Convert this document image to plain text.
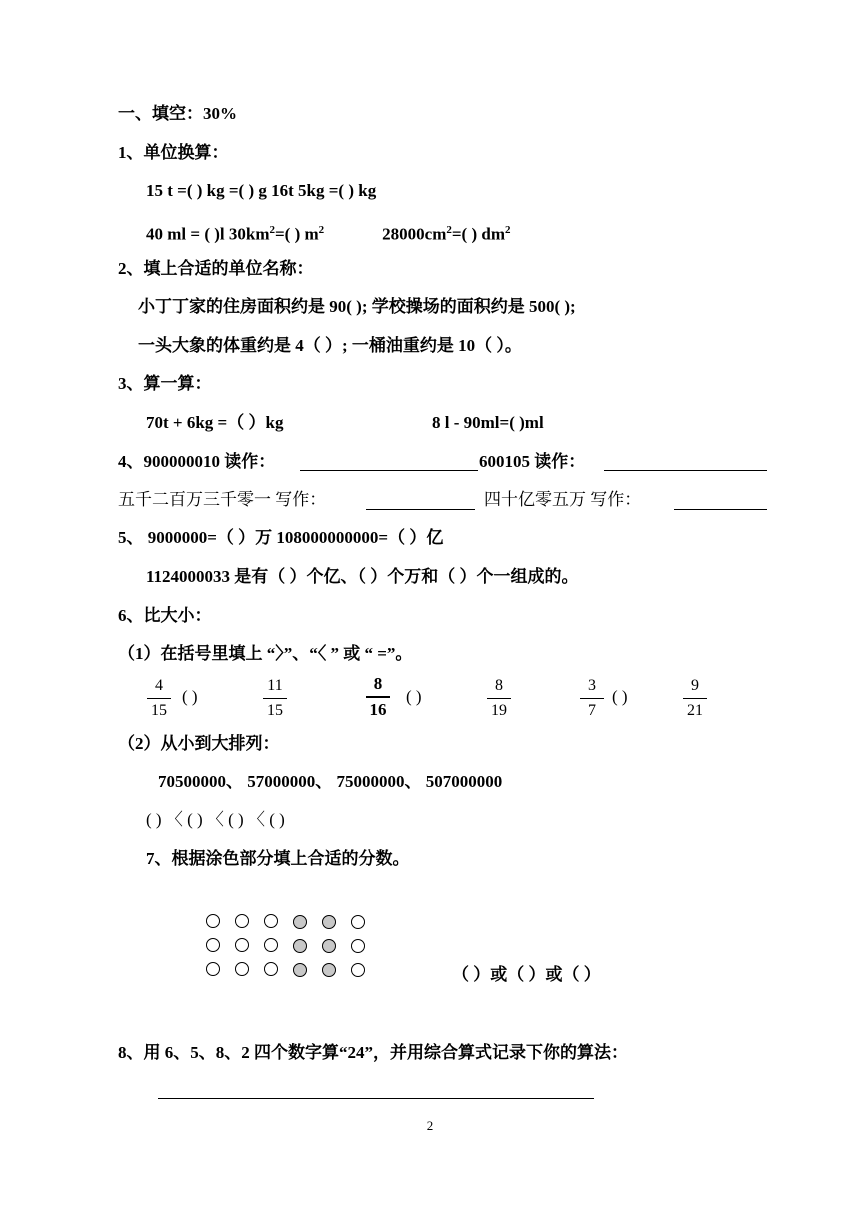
一、填空：30%
1、单位换算：
15 t =( ) kg =( ) g 16t 5kg =( ) kg
40 ml = ( )l $30km^2=$( ) $m^2$	$28000cm^2=$( ) $dm^2$
2、填上合适的单位名称：
小丁丁家的住房面积约是 90( ); 学校操场的面积约是 500( );
一头大象的体重约是 4（ ）; 一桶油重约是 10（ ）。
3、算一算：
70t + 6kg =（ ）kg	8 l - 90ml=( )ml
4、900000010 读作：	600105 读作：
五千二百万三千零一 写作：	四十亿零五万 写作：
5、 9000000=（ ）万 108000000000=（ ）亿
1124000033 是有（ ）个亿、（ ）个万和（ ）个一组成的。
6、比大小：
（1）在括号里填上 “〉”、“〈 ” 或 “ =”。
4
15
( )
11
15
8
16
( )
8
19
3
7
( )
9
21
（2）从小到大排列：
70500000、 57000000、 75000000、 507000000
( ) 〈 ( ) 〈 ( ) 〈 ( )
7、根据涂色部分填上合适的分数。
（ ）或（ ）或（ ）
8、用 6、5、8、2 四个数字算“24”，并用综合算式记录下你的算法：
2
